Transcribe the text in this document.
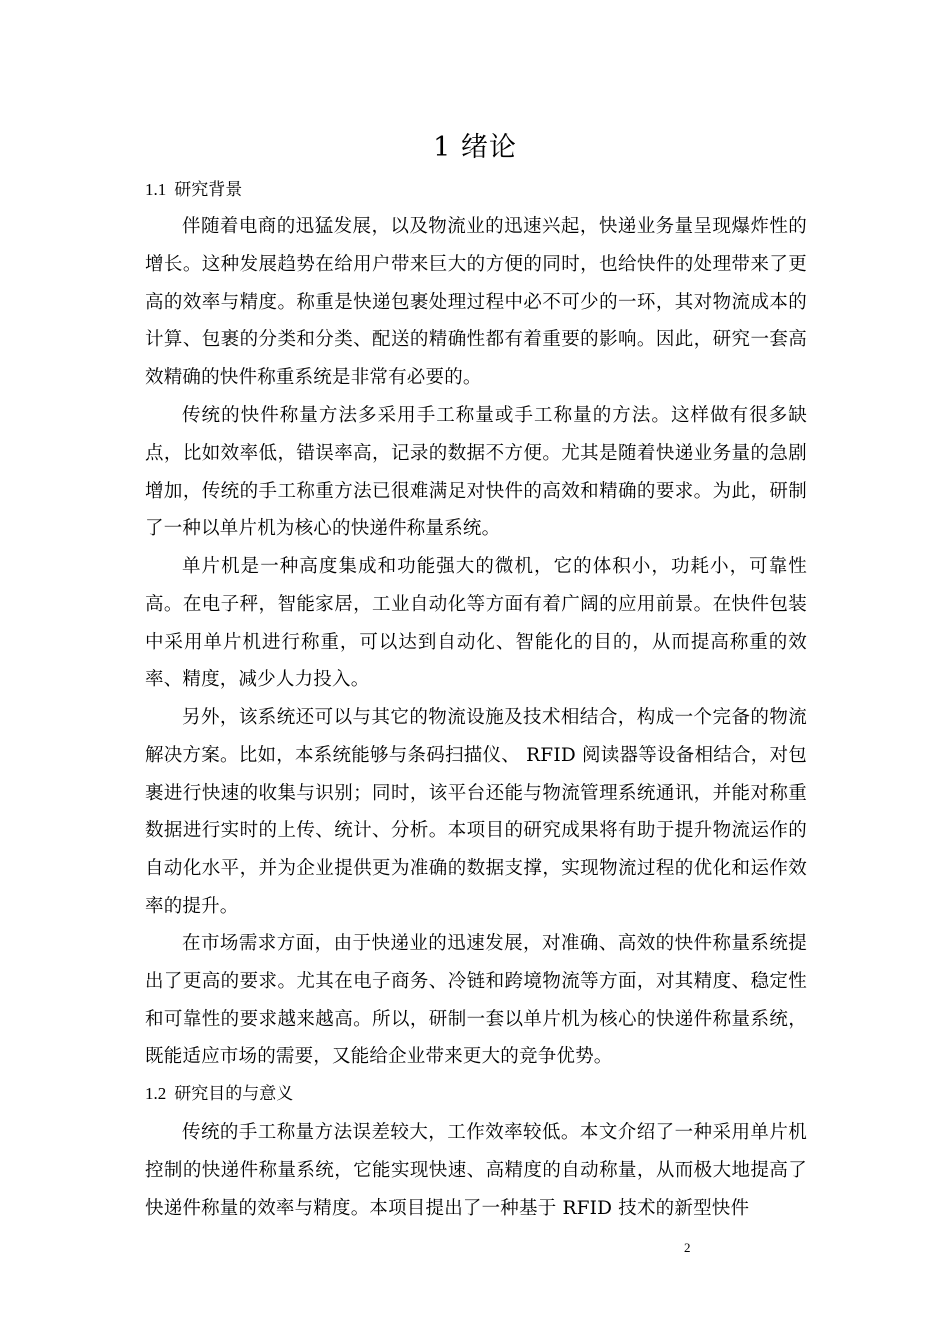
1 绪论
1.1 研究背景

伴随着电商的迅猛发展，以及物流业的迅速兴起，快递业务量呈现爆炸性的增长。这种发展趋势在给用户带来巨大的方便的同时，也给快件的处理带来了更高的效率与精度。称重是快递包裹处理过程中必不可少的一环，其对物流成本的计算、包裹的分类和分类、配送的精确性都有着重要的影响。因此，研究一套高效精确的快件称重系统是非常有必要的。

传统的快件称量方法多采用手工称量或手工称量的方法。这样做有很多缺点，比如效率低，错误率高，记录的数据不方便。尤其是随着快递业务量的急剧增加，传统的手工称重方法已很难满足对快件的高效和精确的要求。为此，研制了一种以单片机为核心的快递件称量系统。

单片机是一种高度集成和功能强大的微机，它的体积小，功耗小，可靠性高。在电子秤，智能家居，工业自动化等方面有着广阔的应用前景。在快件包装中采用单片机进行称重，可以达到自动化、智能化的目的，从而提高称重的效率、精度，减少人力投入。

另外，该系统还可以与其它的物流设施及技术相结合，构成一个完备的物流解决方案。比如，本系统能够与条码扫描仪、 RFID 阅读器等设备相结合，对包裹进行快速的收集与识别；同时，该平台还能与物流管理系统通讯，并能对称重数据进行实时的上传、统计、分析。本项目的研究成果将有助于提升物流运作的自动化水平，并为企业提供更为准确的数据支撑，实现物流过程的优化和运作效率的提升。

在市场需求方面，由于快递业的迅速发展，对准确、高效的快件称量系统提出了更高的要求。尤其在电子商务、冷链和跨境物流等方面，对其精度、稳定性和可靠性的要求越来越高。所以，研制一套以单片机为核心的快递件称量系统，既能适应市场的需要，又能给企业带来更大的竞争优势。

1.2 研究目的与意义

传统的手工称量方法误差较大，工作效率较低。本文介绍了一种采用单片机控制的快递件称量系统，它能实现快速、高精度的自动称量，从而极大地提高了快递件称量的效率与精度。本项目提出了一种基于 RFID 技术的新型快件

2
